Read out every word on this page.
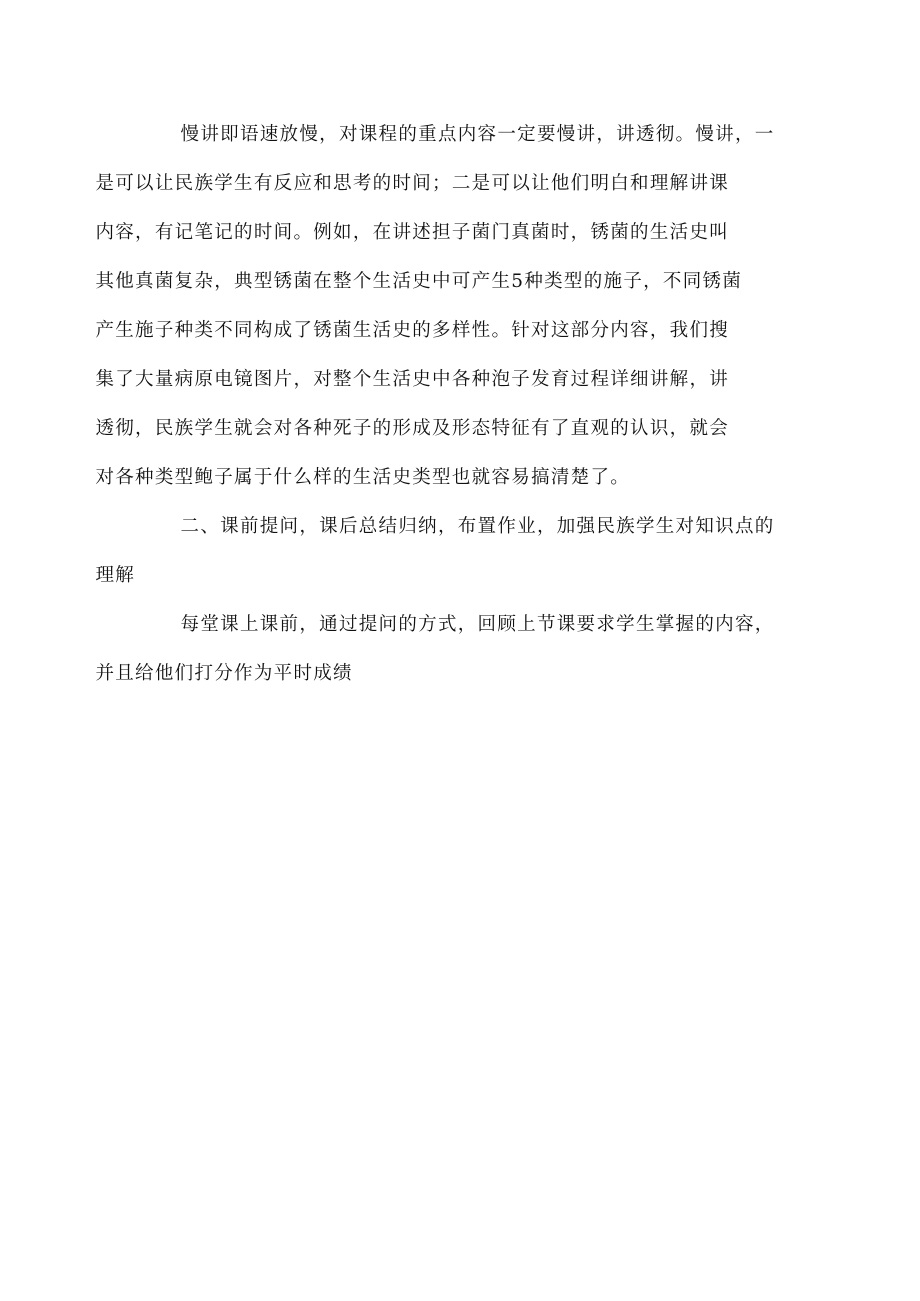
慢讲即语速放慢，对课程的重点内容一定要慢讲，讲透彻。慢讲，一
是可以让民族学生有反应和思考的时间；二是可以让他们明白和理解讲课
内容，有记笔记的时间。例如，在讲述担子菌门真菌时，锈菌的生活史叫
其他真菌复杂，典型锈菌在整个生活史中可产生5种类型的施子，不同锈菌
产生施子种类不同构成了锈菌生活史的多样性。针对这部分内容，我们搜
集了大量病原电镜图片，对整个生活史中各种泡子发育过程详细讲解，讲
透彻，民族学生就会对各种死子的形成及形态特征有了直观的认识，就会
对各种类型鲍子属于什么样的生活史类型也就容易搞清楚了。

二、课前提问，课后总结归纳，布置作业，加强民族学生对知识点的
理解

每堂课上课前，通过提问的方式，回顾上节课要求学生掌握的内容，
并且给他们打分作为平时成绩
